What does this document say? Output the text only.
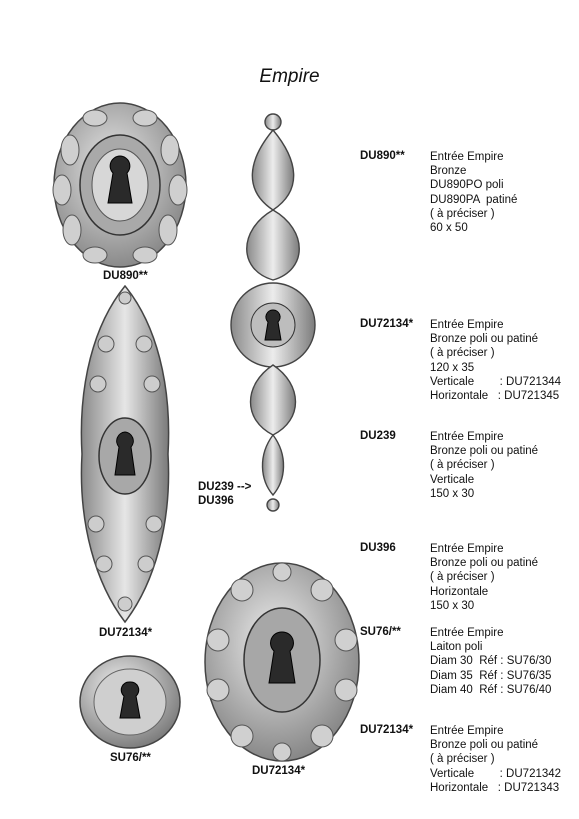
Empire
DU890**
DU72134*
DU239 -->
DU396
SU76/**
DU72134*
DU890** Entrée Empire
Bronze
DU890PO poli
DU890PA  patiné
( à préciser )
60 x 50
DU72134* Entrée Empire
Bronze poli ou patiné
( à préciser )
120 x 35
Verticale        : DU721344
Horizontale   : DU721345
DU239	Entrée Empire
Bronze poli ou patiné
( à préciser )
Verticale
150 x 30
DU396	Entrée Empire
Bronze poli ou patiné
( à préciser )
Horizontale
150 x 30
SU76/**	Entrée Empire
Laiton poli
Diam 30  Réf : SU76/30
Diam 35  Réf : SU76/35
Diam 40  Réf : SU76/40
DU72134* Entrée Empire
Bronze poli ou patiné
( à préciser )
Verticale        : DU721342
Horizontale   : DU721343
